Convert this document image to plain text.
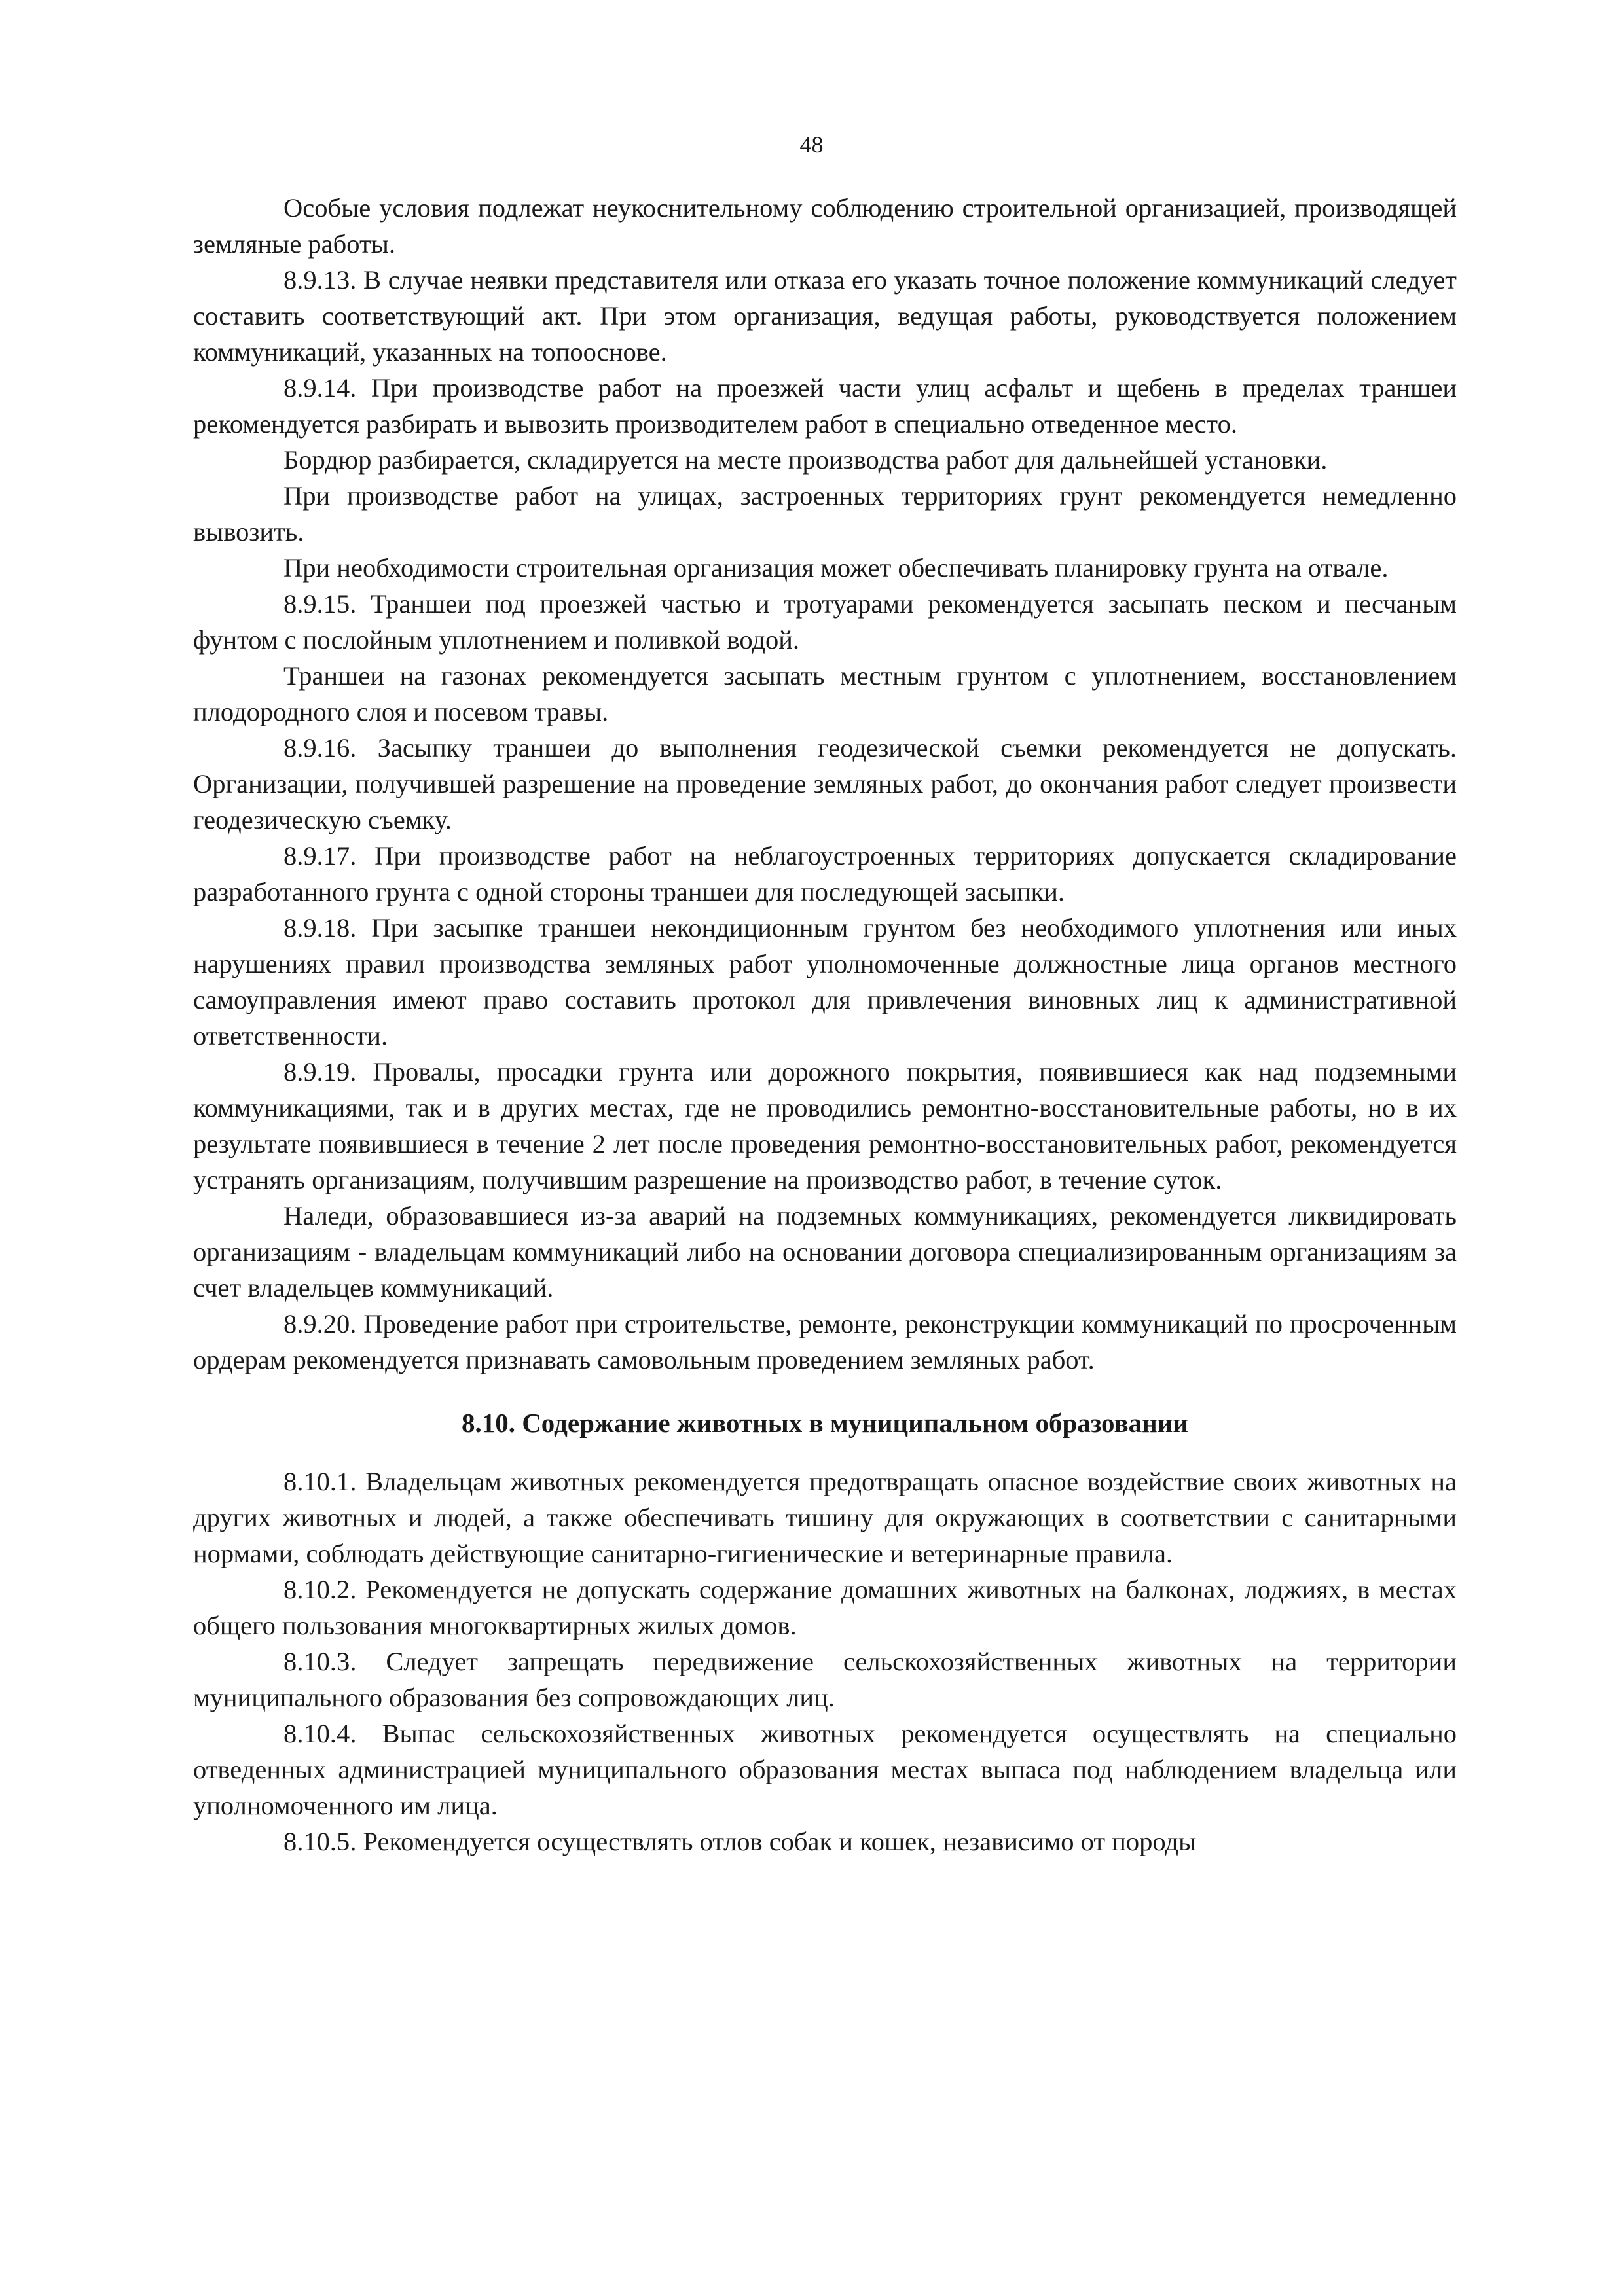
48

Особые условия подлежат неукоснительному соблюдению строительной организацией, производящей земляные работы.

8.9.13. В случае неявки представителя или отказа его указать точное положение коммуникаций следует составить соответствующий акт. При этом организация, ведущая работы, руководствуется положением коммуникаций, указанных на топооснове.

8.9.14. При производстве работ на проезжей части улиц асфальт и щебень в пределах траншеи рекомендуется разбирать и вывозить производителем работ в специально отведенное место.

Бордюр разбирается, складируется на месте производства работ для дальнейшей установки.

При производстве работ на улицах, застроенных территориях грунт рекомендуется немедленно вывозить.

При необходимости строительная организация может обеспечивать планировку грунта на отвале.

8.9.15. Траншеи под проезжей частью и тротуарами рекомендуется засыпать песком и песчаным фунтом с послойным уплотнением и поливкой водой.

Траншеи на газонах рекомендуется засыпать местным грунтом с уплотнением, восстановлением плодородного слоя и посевом травы.

8.9.16. Засыпку траншеи до выполнения геодезической съемки рекомендуется не допускать. Организации, получившей разрешение на проведение земляных работ, до окончания работ следует произвести геодезическую съемку.

8.9.17. При производстве работ на неблагоустроенных территориях допускается складирование разработанного грунта с одной стороны траншеи для последующей засыпки.

8.9.18. При засыпке траншеи некондиционным грунтом без необходимого уплотнения или иных нарушениях правил производства земляных работ уполномоченные должностные лица органов местного самоуправления имеют право составить протокол для привлечения виновных лиц к административной ответственности.

8.9.19. Провалы, просадки грунта или дорожного покрытия, появившиеся как над подземными коммуникациями, так и в других местах, где не проводились ремонтно-восстановительные работы, но в их результате появившиеся в течение 2 лет после проведения ремонтно-восстановительных работ, рекомендуется устранять организациям, получившим разрешение на производство работ, в течение суток.

Наледи, образовавшиеся из-за аварий на подземных коммуникациях, рекомендуется ликвидировать организациям - владельцам коммуникаций либо на основании договора специализированным организациям за счет владельцев коммуникаций.

8.9.20. Проведение работ при строительстве, ремонте, реконструкции коммуникаций по просроченным ордерам рекомендуется признавать самовольным проведением земляных работ.

8.10. Содержание животных в муниципальном образовании

8.10.1. Владельцам животных рекомендуется предотвращать опасное воздействие своих животных на других животных и людей, а также обеспечивать тишину для окружающих в соответствии с санитарными нормами, соблюдать действующие санитарно-гигиенические и ветеринарные правила.

8.10.2. Рекомендуется не допускать содержание домашних животных на балконах, лоджиях, в местах общего пользования многоквартирных жилых домов.

8.10.3. Следует запрещать передвижение сельскохозяйственных животных на территории муниципального образования без сопровождающих лиц.

8.10.4. Выпас сельскохозяйственных животных рекомендуется осуществлять на специально отведенных администрацией муниципального образования местах выпаса под наблюдением владельца или уполномоченного им лица.

8.10.5. Рекомендуется осуществлять отлов собак и кошек, независимо от породы
